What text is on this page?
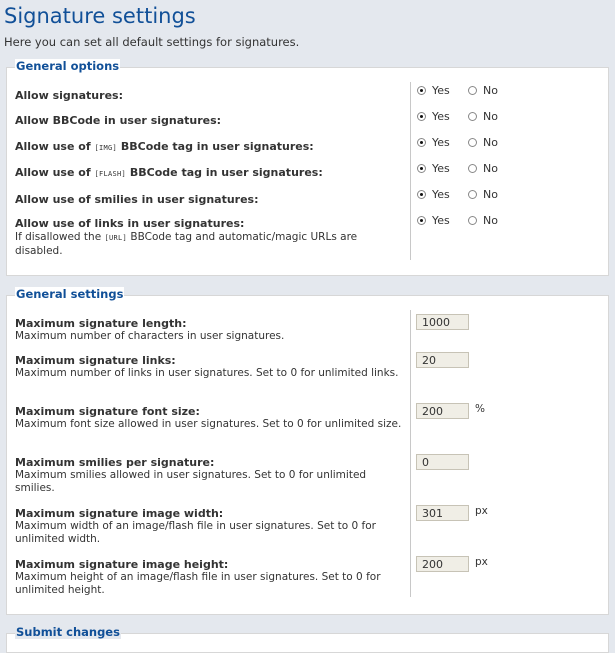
Signature settings
Here you can set all default settings for signatures.
General options
Allow signatures:	Yes	No
Allow BBCode in user signatures:	Yes	No
Allow use of [IMG] BBCode tag in user signatures:	Yes	No
Allow use of [FLASH] BBCode tag in user signatures:	Yes	No
Allow use of smilies in user signatures:	Yes	No
Allow use of links in user signatures:
If disallowed the [URL] BBCode tag and automatic/magic URLs are disabled.
Yes	No
General settings
Maximum signature length:
Maximum number of characters in user signatures.
1000
Maximum signature links:
Maximum number of links in user signatures. Set to 0 for unlimited links.
20
Maximum signature font size:
Maximum font size allowed in user signatures. Set to 0 for unlimited size.
200	%
Maximum smilies per signature:
Maximum smilies allowed in user signatures. Set to 0 for unlimited smilies.
0
Maximum signature image width:
Maximum width of an image/flash file in user signatures. Set to 0 for unlimited width.
301	px
Maximum signature image height:
Maximum height of an image/flash file in user signatures. Set to 0 for unlimited height.
200	px
Submit changes
